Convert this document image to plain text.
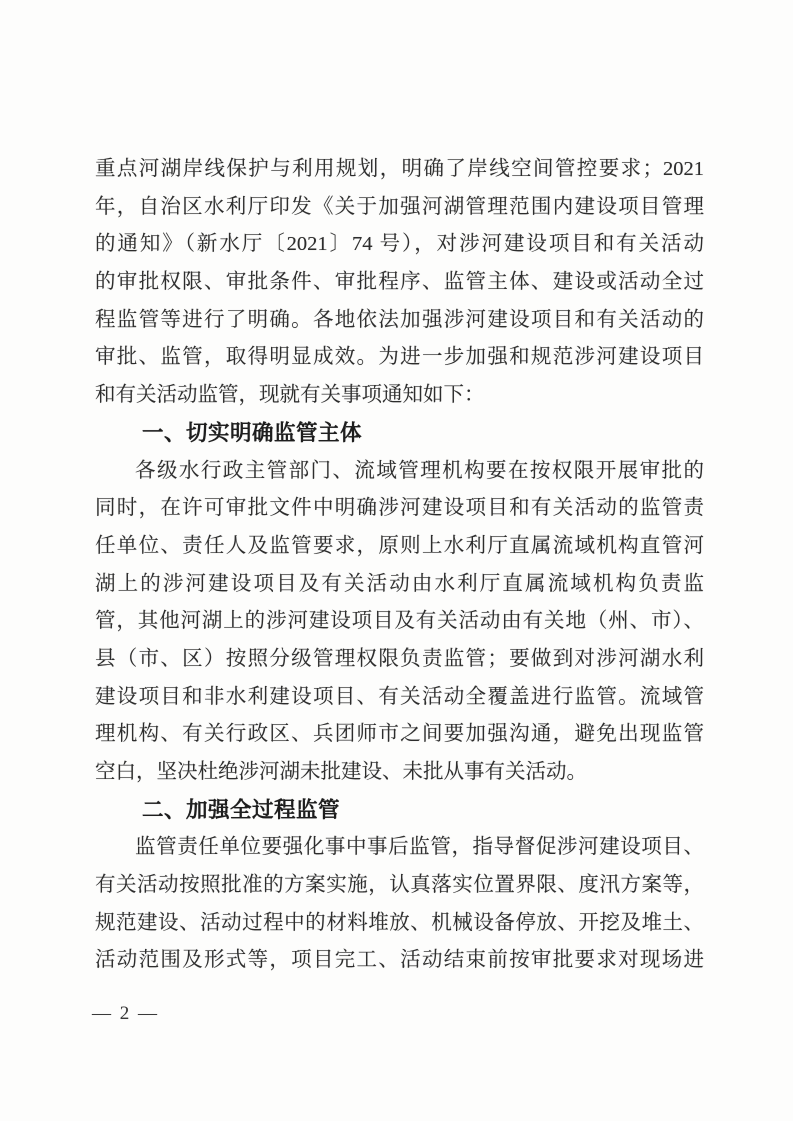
重点河湖岸线保护与利用规划，明确了岸线空间管控要求；2021
年，自治区水利厅印发《关于加强河湖管理范围内建设项目管理
的通知》（新水厅〔2021〕74 号），对涉河建设项目和有关活动
的审批权限、审批条件、审批程序、监管主体、建设或活动全过
程监管等进行了明确。各地依法加强涉河建设项目和有关活动的
审批、监管，取得明显成效。为进一步加强和规范涉河建设项目
和有关活动监管，现就有关事项通知如下：
一、切实明确监管主体
各级水行政主管部门、流域管理机构要在按权限开展审批的
同时，在许可审批文件中明确涉河建设项目和有关活动的监管责
任单位、责任人及监管要求，原则上水利厅直属流域机构直管河
湖上的涉河建设项目及有关活动由水利厅直属流域机构负责监
管，其他河湖上的涉河建设项目及有关活动由有关地（州、市）、
县（市、区）按照分级管理权限负责监管；要做到对涉河湖水利
建设项目和非水利建设项目、有关活动全覆盖进行监管。流域管
理机构、有关行政区、兵团师市之间要加强沟通，避免出现监管
空白，坚决杜绝涉河湖未批建设、未批从事有关活动。
二、加强全过程监管
监管责任单位要强化事中事后监管，指导督促涉河建设项目、
有关活动按照批准的方案实施，认真落实位置界限、度汛方案等，
规范建设、活动过程中的材料堆放、机械设备停放、开挖及堆土、
活动范围及形式等，项目完工、活动结束前按审批要求对现场进
— 2 —
